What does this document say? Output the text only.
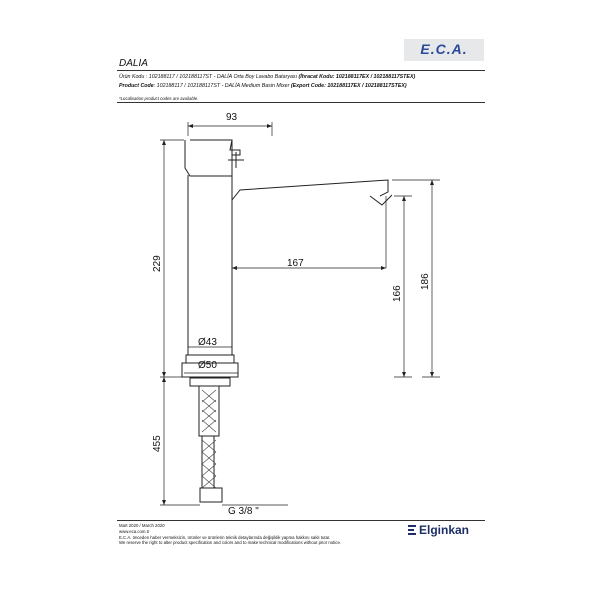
E.C.A.
DALIA
Ürün Kodu : 102188117 / 102188117ST - DALİA Orta Boy Lavabo Bataryası (İhracat Kodu: 102188117EX / 102188117STEX)
Product Code: 102188117 / 102188117ST - DALİA Medium Basin Mixer (Export Code: 102188117EX / 102188117STEX)
*Localisation product codes are available.
93
229	167
166
186
Ø43
Ø50
455
G 3/8 "
Mart 2020 / March 2020
www.eca.com.tr
E.C.A. önceden haber vermeksizin, ürünler ve ürünlerin teknik detaylarında değişiklik yapma hakkını saklı tutar.
We reserve the right to alter product specification and colors and to make technical modifications without prior notice.
Elginkan
